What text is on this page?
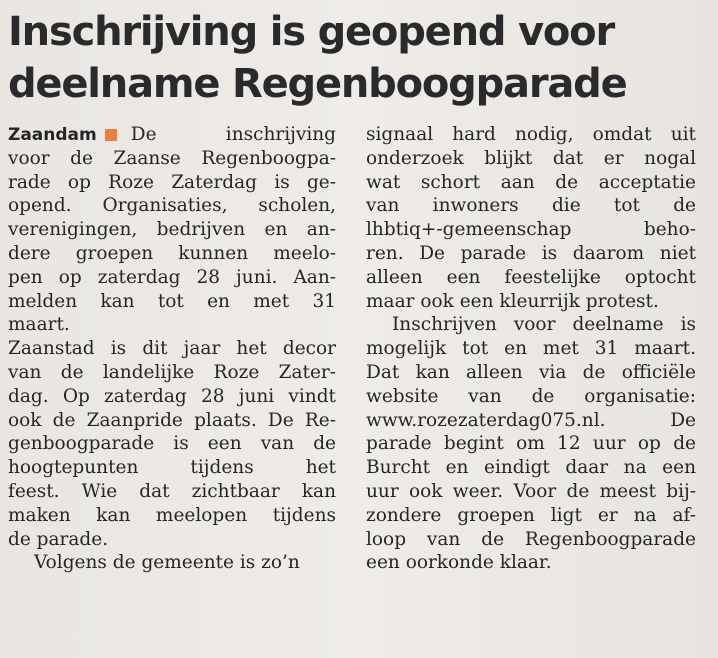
Inschrijving is geopend voor
deelname Regenboogparade
Zaandam De inschrijving
voor de Zaanse Regenboogpa-
rade op Roze Zaterdag is ge-
opend. Organisaties, scholen,
verenigingen, bedrijven en an-
dere groepen kunnen meelo-
pen op zaterdag 28 juni. Aan-
melden kan tot en met 31
maart.
Zaanstad is dit jaar het decor
van de landelijke Roze Zater-
dag. Op zaterdag 28 juni vindt
ook de Zaanpride plaats. De Re-
genboogparade is een van de
hoogtepunten tijdens het
feest. Wie dat zichtbaar kan
maken kan meelopen tijdens
de parade.
Volgens de gemeente is zo’n
signaal hard nodig, omdat uit
onderzoek blijkt dat er nogal
wat schort aan de acceptatie
van inwoners die tot de
lhbtiq+-gemeenschap beho-
ren. De parade is daarom niet
alleen een feestelijke optocht
maar ook een kleurrijk protest.
Inschrijven voor deelname is
mogelijk tot en met 31 maart.
Dat kan alleen via de officiële
website van de organisatie:
www.rozezaterdag075.nl. De
parade begint om 12 uur op de
Burcht en eindigt daar na een
uur ook weer. Voor de meest bij-
zondere groepen ligt er na af-
loop van de Regenboogparade
een oorkonde klaar.
